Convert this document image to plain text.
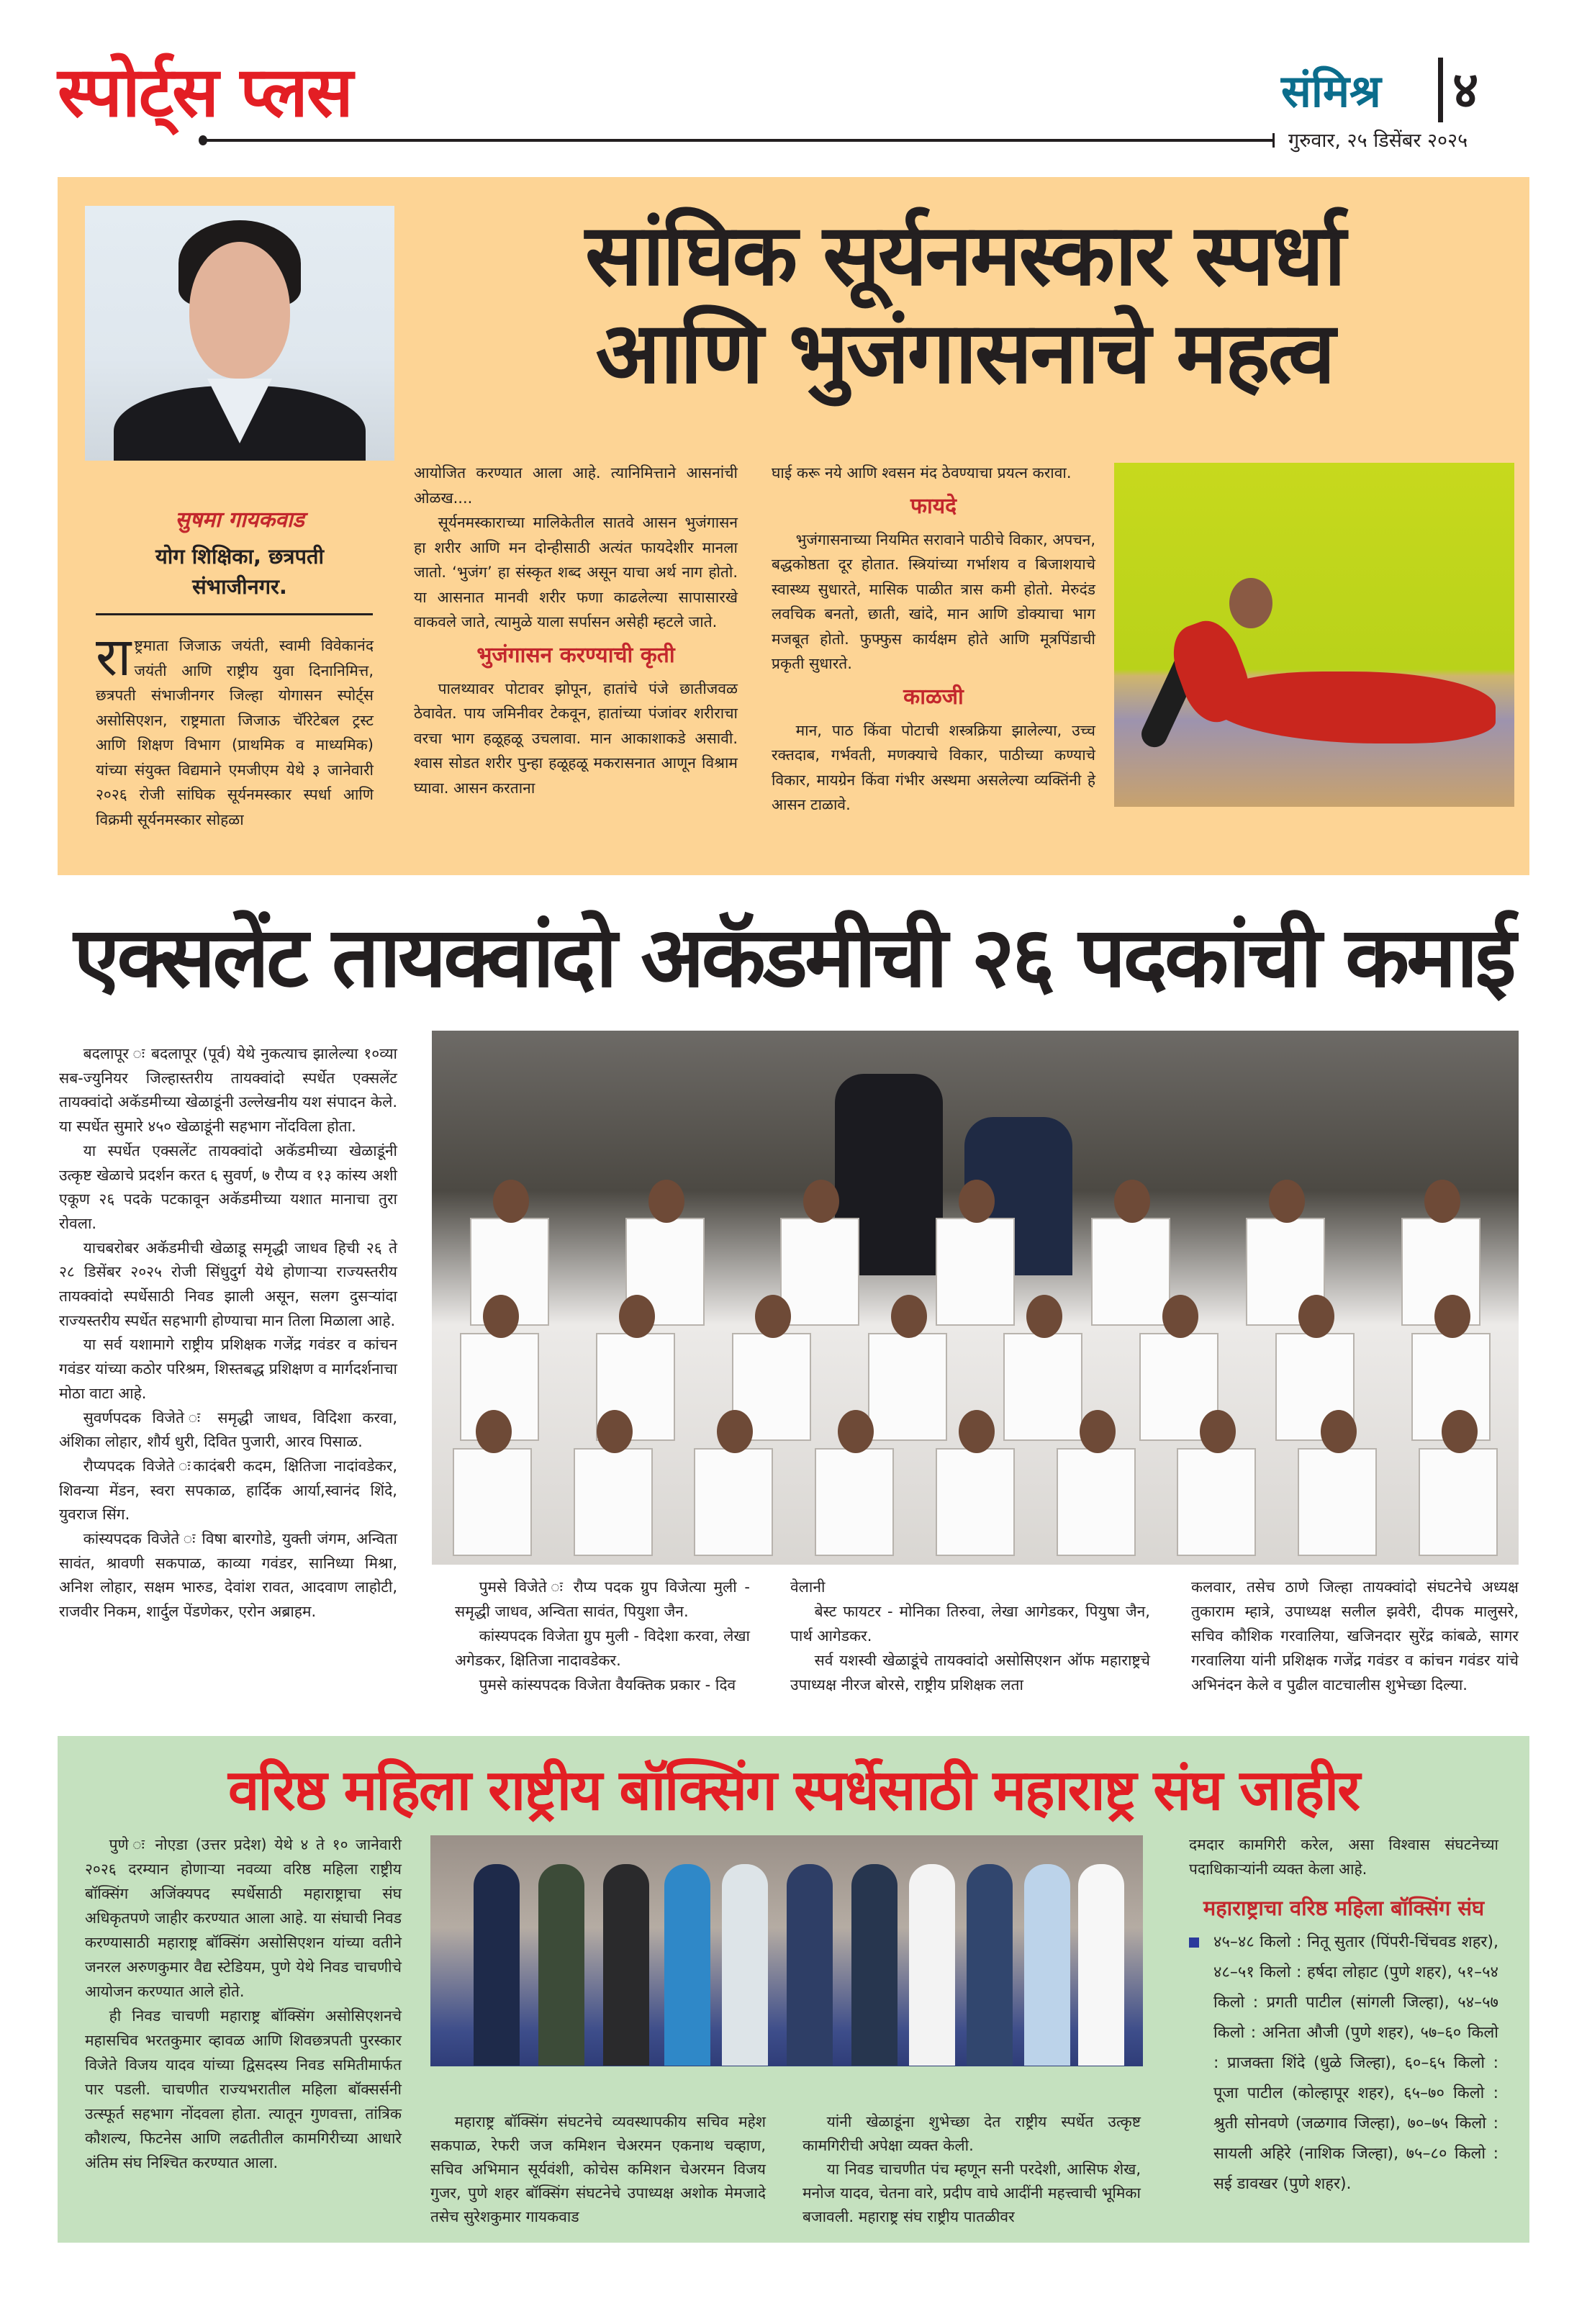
स्पोर्ट्स प्लस	संमिश्र ४
गुरुवार, २५ डिसेंबर २०२५
सांघिक सूर्यनमस्कार स्पर्धा
आणि भुजंगासनाचे महत्व
सुषमा गायकवाड
योग शिक्षिका, छत्रपती
संभाजीनगर.

राष्ट्रमाता जिजाऊ जयंती, स्वामी विवेकानंद जयंती आणि राष्ट्रीय युवा दिनानिमित्त, छत्रपती संभाजीनगर जिल्हा योगासन स्पोर्ट्स असोसिएशन, राष्ट्रमाता जिजाऊ चॅरिटेबल ट्रस्ट आणि शिक्षण विभाग (प्राथमिक व माध्यमिक) यांच्या संयुक्त विद्यमाने एमजीएम येथे ३ जानेवारी २०२६ रोजी सांघिक सूर्यनमस्कार स्पर्धा आणि विक्रमी सूर्यनमस्कार सोहळा

आयोजित करण्यात आला आहे. त्यानिमित्ताने आसनांची ओळख....

सूर्यनमस्काराच्या मालिकेतील सातवे आसन भुजंगासन हा शरीर आणि मन दोन्हीसाठी अत्यंत फायदेशीर मानला जातो. ‘भुजंग’ हा संस्कृत शब्द असून याचा अर्थ नाग होतो. या आसनात मानवी शरीर फणा काढलेल्या सापासारखे वाकवले जाते, त्यामुळे याला सर्पासन असेही म्हटले जाते.

भुजंगासन करण्याची कृती

पालथ्यावर पोटावर झोपून, हातांचे पंजे छातीजवळ ठेवावेत. पाय जमिनीवर टेकवून, हातांच्या पंजांवर शरीराचा वरचा भाग हळूहळू उचलावा. मान आकाशाकडे असावी. श्वास सोडत शरीर पुन्हा हळूहळू मकरासनात आणून विश्राम घ्यावा. आसन करताना

घाई करू नये आणि श्वसन मंद ठेवण्याचा प्रयत्न करावा.

फायदे

भुजंगासनाच्या नियमित सरावाने पाठीचे विकार, अपचन, बद्धकोष्ठता दूर होतात. स्त्रियांच्या गर्भाशय व बिजाशयाचे स्वास्थ्य सुधारते, मासिक पाळीत त्रास कमी होतो. मेरुदंड लवचिक बनतो, छाती, खांदे, मान आणि डोक्याचा भाग मजबूत होतो. फुफ्फुस कार्यक्षम होते आणि मूत्रपिंडाची प्रकृती सुधारते.

काळजी

मान, पाठ किंवा पोटाची शस्त्रक्रिया झालेल्या, उच्च रक्तदाब, गर्भवती, मणक्याचे विकार, पाठीच्या कण्याचे विकार, मायग्रेन किंवा गंभीर अस्थमा असलेल्या व्यक्तिंनी हे आसन टाळावे.

एक्सलेंट तायक्वांदो अकॅडमीची २६ पदकांची कमाई

बदलापूर ः बदलापूर (पूर्व) येथे नुकत्याच झालेल्या १०व्या सब-ज्युनियर जिल्हास्तरीय तायक्वांदो स्पर्धेत एक्सलेंट तायक्वांदो अकॅडमीच्या खेळाडूंनी उल्लेखनीय यश संपादन केले. या स्पर्धेत सुमारे ४५० खेळाडूंनी सहभाग नोंदविला होता.

या स्पर्धेत एक्सलेंट तायक्वांदो अकॅडमीच्या खेळाडूंनी उत्कृष्ट खेळाचे प्रदर्शन करत ६ सुवर्ण, ७ रौप्य व १३ कांस्य अशी एकूण २६ पदके पटकावून अकॅडमीच्या यशात मानाचा तुरा रोवला.

याचबरोबर अकॅडमीची खेळाडू समृद्धी जाधव हिची २६ ते २८ डिसेंबर २०२५ रोजी सिंधुदुर्ग येथे होणाऱ्या राज्यस्तरीय तायक्वांदो स्पर्धेसाठी निवड झाली असून, सलग दुसऱ्यांदा राज्यस्तरीय स्पर्धेत सहभागी होण्याचा मान तिला मिळाला आहे.

या सर्व यशामागे राष्ट्रीय प्रशिक्षक गजेंद्र गवंडर व कांचन गवंडर यांच्या कठोर परिश्रम, शिस्तबद्ध प्रशिक्षण व मार्गदर्शनाचा मोठा वाटा आहे.

सुवर्णपदक विजेते ः समृद्धी जाधव, विदिशा करवा, अंशिका लोहार, शौर्य धुरी, दिवित पुजारी, आरव पिसाळ.

रौप्यपदक विजेते ःकादंबरी कदम, क्षितिजा नादांवडेकर, शिवन्या मेंडन, स्वरा सपकाळ, हार्दिक आर्या,स्वानंद शिंदे, युवराज सिंग.

कांस्यपदक विजेते ः विषा बारगोडे, युक्ती जंगम, अन्विता सावंत, श्रावणी सकपाळ, काव्या गवंडर, सानिध्या मिश्रा, अनिश लोहार, सक्षम भारुड, देवांश रावत, आदवाण लाहोटी, राजवीर निकम, शार्दुल पेंडणेकर, एरोन अब्राहम.

पुमसे विजेते ः रौप्य पदक ग्रुप विजेत्या मुली - समृद्धी जाधव, अन्विता सावंत, पियुशा जैन.

कांस्यपदक विजेता ग्रुप मुली - विदेशा करवा, लेखा अगेडकर, क्षितिजा नादावडेकर.

पुमसे कांस्यपदक विजेता वैयक्तिक प्रकार - दिव

वेलानी

बेस्ट फायटर - मोनिका तिरुवा, लेखा आगेडकर, पियुषा जैन, पार्थ आगेडकर.

सर्व यशस्वी खेळाडूंचे तायक्वांदो असोसिएशन ऑफ महाराष्ट्रचे उपाध्यक्ष नीरज बोरसे, राष्ट्रीय प्रशिक्षक लता

कलवार, तसेच ठाणे जिल्हा तायक्वांदो संघटनेचे अध्यक्ष तुकाराम म्हात्रे, उपाध्यक्ष सलील झवेरी, दीपक मालुसरे, सचिव कौशिक गरवालिया, खजिनदार सुरेंद्र कांबळे, सागर गरवालिया यांनी प्रशिक्षक गजेंद्र गवंडर व कांचन गवंडर यांचे अभिनंदन केले व पुढील वाटचालीस शुभेच्छा दिल्या.

वरिष्ठ महिला राष्ट्रीय बॉक्सिंग स्पर्धेसाठी महाराष्ट्र संघ जाहीर

पुणे ः नोएडा (उत्तर प्रदेश) येथे ४ ते १० जानेवारी २०२६ दरम्यान होणाऱ्या नवव्या वरिष्ठ महिला राष्ट्रीय बॉक्सिंग अजिंक्यपद स्पर्धेसाठी महाराष्ट्राचा संघ अधिकृतपणे जाहीर करण्यात आला आहे. या संघाची निवड करण्यासाठी महाराष्ट्र बॉक्सिंग असोसिएशन यांच्या वतीने जनरल अरुणकुमार वैद्य स्टेडियम, पुणे येथे निवड चाचणीचे आयोजन करण्यात आले होते.

ही निवड चाचणी महाराष्ट्र बॉक्सिंग असोसिएशनचे महासचिव भरतकुमार व्हावळ आणि शिवछत्रपती पुरस्कार विजेते विजय यादव यांच्या द्विसदस्य निवड समितीमार्फत पार पडली. चाचणीत राज्यभरातील महिला बॉक्सर्सनी उत्स्फूर्त सहभाग नोंदवला होता. त्यातून गुणवत्ता, तांत्रिक कौशल्य, फिटनेस आणि लढतीतील कामगिरीच्या आधारे अंतिम संघ निश्चित करण्यात आला.

महाराष्ट्र बॉक्सिंग संघटनेचे व्यवस्थापकीय सचिव महेश सकपाळ, रेफरी जज कमिशन चेअरमन एकनाथ चव्हाण, सचिव अभिमान सूर्यवंशी, कोचेस कमिशन चेअरमन विजय गुजर, पुणे शहर बॉक्सिंग संघटनेचे उपाध्यक्ष अशोक मेमजादे तसेच सुरेशकुमार गायकवाड

यांनी खेळाडूंना शुभेच्छा देत राष्ट्रीय स्पर्धेत उत्कृष्ट कामगिरीची अपेक्षा व्यक्त केली.

या निवड चाचणीत पंच म्हणून सनी परदेशी, आसिफ शेख, मनोज यादव, चेतना वारे, प्रदीप वाघे आदींनी महत्त्वाची भूमिका बजावली. महाराष्ट्र संघ राष्ट्रीय पातळीवर

दमदार कामगिरी करेल, असा विश्वास संघटनेच्या पदाधिकाऱ्यांनी व्यक्त केला आहे.

महाराष्ट्राचा वरिष्ठ महिला बॉक्सिंग संघ
४५–४८ किलो : नितू सुतार (पिंपरी-चिंचवड शहर), ४८–५१ किलो : हर्षदा लोहाट (पुणे शहर), ५१–५४ किलो : प्रगती पाटील (सांगली जिल्हा), ५४–५७ किलो : अनिता औजी (पुणे शहर), ५७–६० किलो : प्राजक्ता शिंदे (धुळे जिल्हा), ६०–६५ किलो : पूजा पाटील (कोल्हापूर शहर), ६५–७० किलो : श्रुती सोनवणे (जळगाव जिल्हा), ७०–७५ किलो : सायली अहिरे (नाशिक जिल्हा), ७५–८० किलो : सई डावखर (पुणे शहर).
